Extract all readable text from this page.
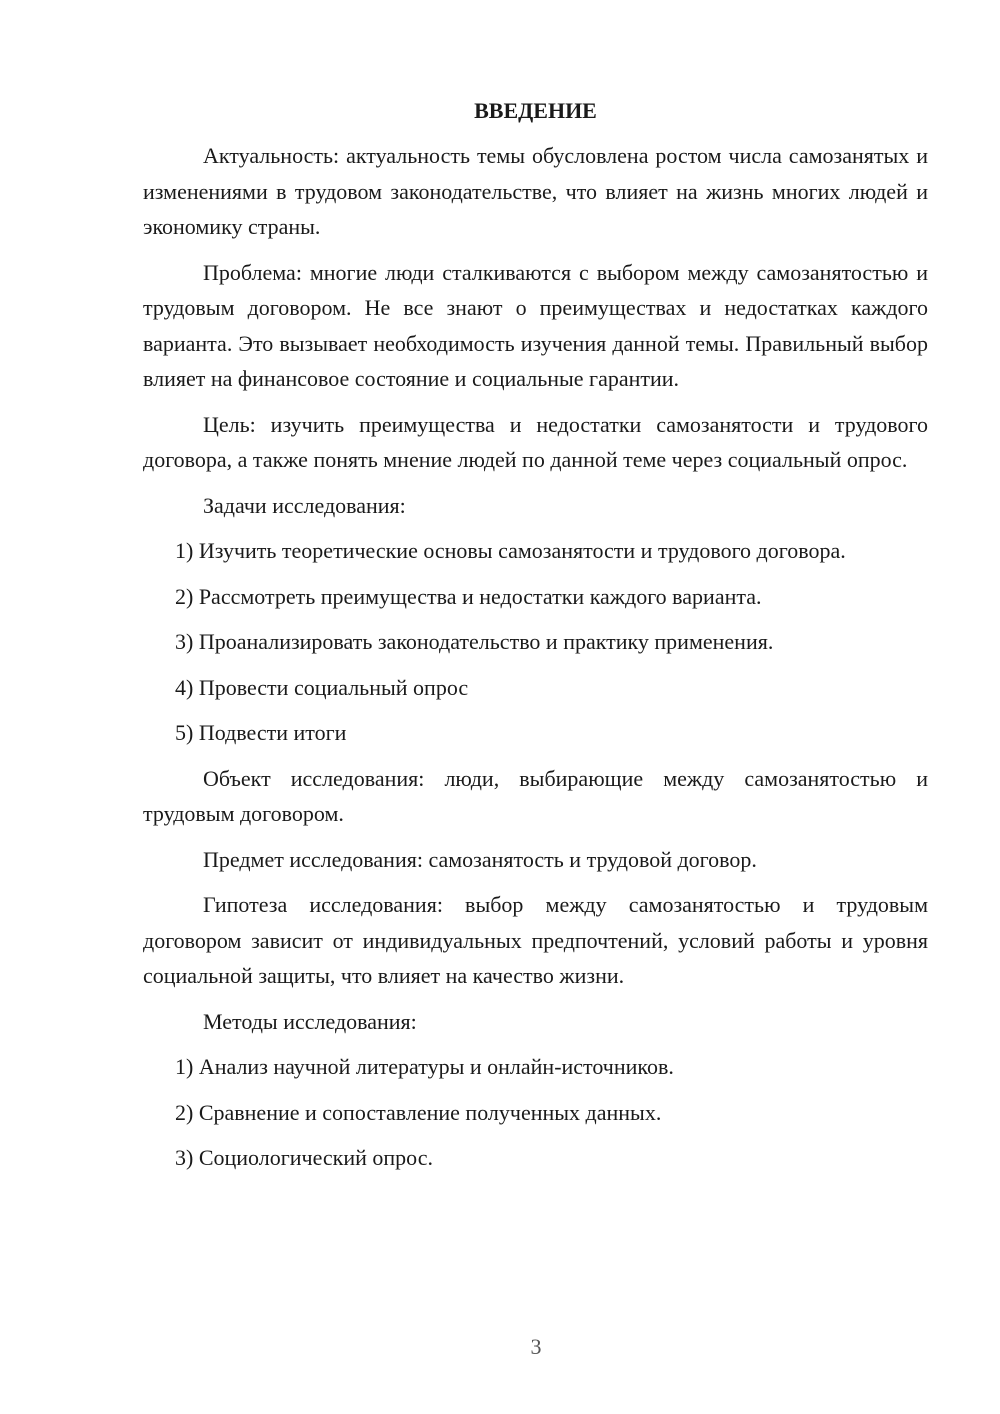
ВВЕДЕНИЕ
Актуальность: актуальность темы обусловлена ростом числа самозанятых и изменениями в трудовом законодательстве, что влияет на жизнь многих людей и экономику страны.
Проблема: многие люди сталкиваются с выбором между самозанятостью и трудовым договором. Не все знают о преимуществах и недостатках каждого варианта. Это вызывает необходимость изучения данной темы. Правильный выбор влияет на финансовое состояние и социальные гарантии.
Цель: изучить преимущества и недостатки самозанятости и трудового договора, а также понять мнение людей по данной теме через социальный опрос.
Задачи исследования:
1) Изучить теоретические основы самозанятости и трудового договора.
2) Рассмотреть преимущества и недостатки каждого варианта.
3) Проанализировать законодательство и практику применения.
4) Провести социальный опрос
5) Подвести итоги
Объект исследования: люди, выбирающие между самозанятостью и трудовым договором.
Предмет исследования: самозанятость и трудовой договор.
Гипотеза исследования: выбор между самозанятостью и трудовым договором зависит от индивидуальных предпочтений, условий работы и уровня социальной защиты, что влияет на качество жизни.
Методы исследования:
1) Анализ научной литературы и онлайн-источников.
2) Сравнение и сопоставление полученных данных.
3) Социологический опрос.
3
